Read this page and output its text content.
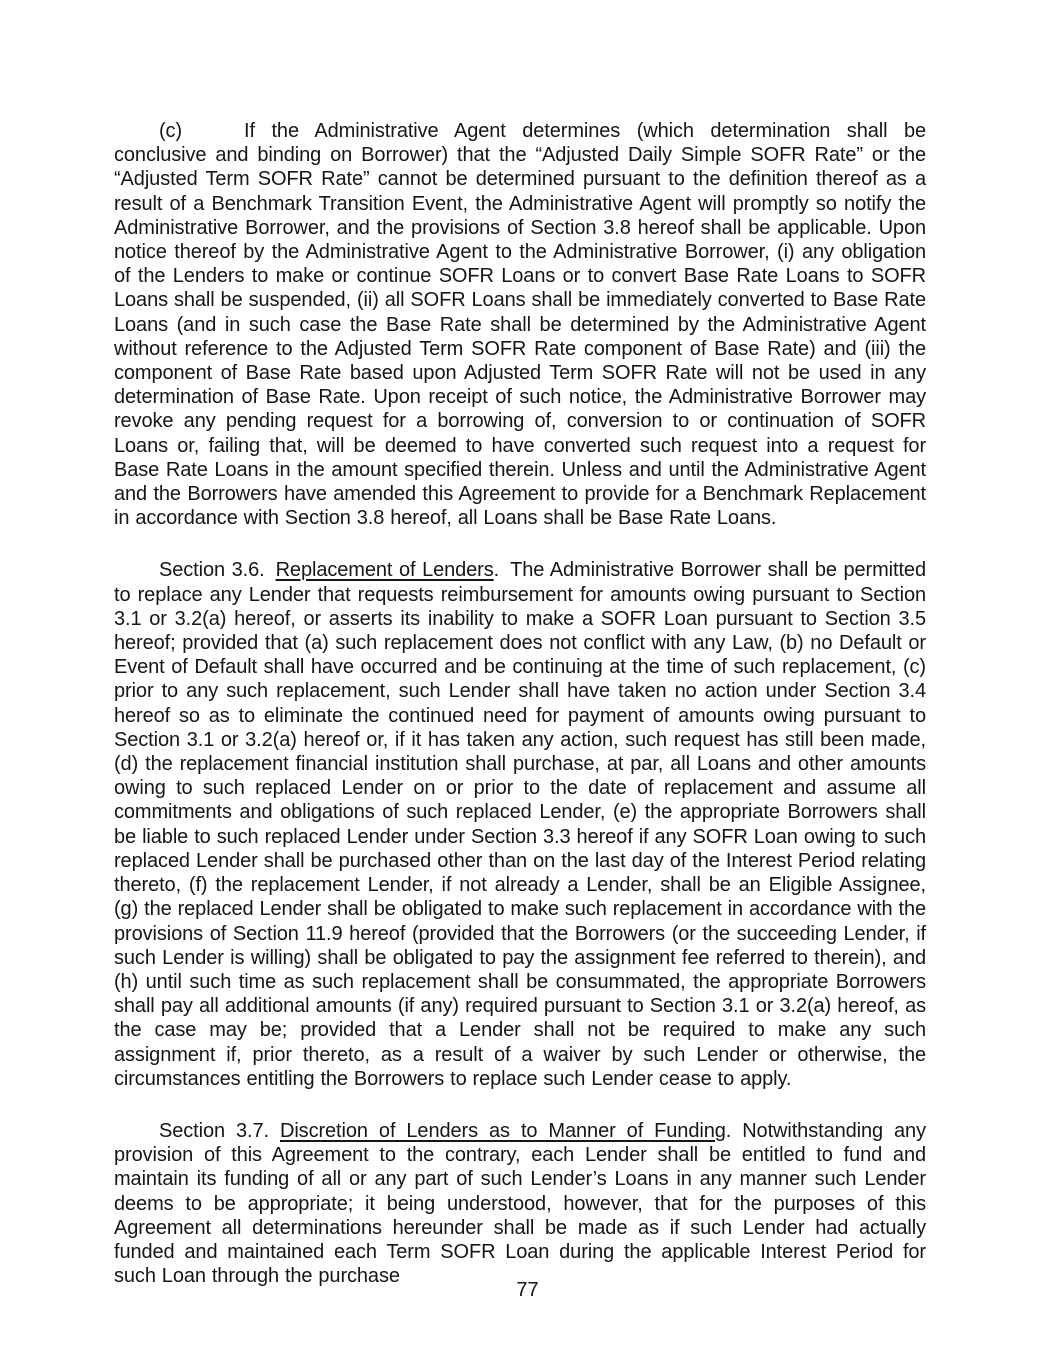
(c)	If the Administrative Agent determines (which determination shall be conclusive and binding on Borrower) that the “Adjusted Daily Simple SOFR Rate” or the “Adjusted Term SOFR Rate” cannot be determined pursuant to the definition thereof as a result of a Benchmark Transition Event, the Administrative Agent will promptly so notify the Administrative Borrower, and the provisions of Section 3.8 hereof shall be applicable. Upon notice thereof by the Administrative Agent to the Administrative Borrower, (i) any obligation of the Lenders to make or continue SOFR Loans or to convert Base Rate Loans to SOFR Loans shall be suspended, (ii) all SOFR Loans shall be immediately converted to Base Rate Loans (and in such case the Base Rate shall be determined by the Administrative Agent without reference to the Adjusted Term SOFR Rate component of Base Rate) and (iii) the component of Base Rate based upon Adjusted Term SOFR Rate will not be used in any determination of Base Rate. Upon receipt of such notice, the Administrative Borrower may revoke any pending request for a borrowing of, conversion to or continuation of SOFR Loans or, failing that, will be deemed to have converted such request into a request for Base Rate Loans in the amount specified therein. Unless and until the Administrative Agent and the Borrowers have amended this Agreement to provide for a Benchmark Replacement in accordance with Section 3.8 hereof, all Loans shall be Base Rate Loans.

Section 3.6. Replacement of Lenders. The Administrative Borrower shall be permitted to replace any Lender that requests reimbursement for amounts owing pursuant to Section 3.1 or 3.2(a) hereof, or asserts its inability to make a SOFR Loan pursuant to Section 3.5 hereof; provided that (a) such replacement does not conflict with any Law, (b) no Default or Event of Default shall have occurred and be continuing at the time of such replacement, (c) prior to any such replacement, such Lender shall have taken no action under Section 3.4 hereof so as to eliminate the continued need for payment of amounts owing pursuant to Section 3.1 or 3.2(a) hereof or, if it has taken any action, such request has still been made, (d) the replacement financial institution shall purchase, at par, all Loans and other amounts owing to such replaced Lender on or prior to the date of replacement and assume all commitments and obligations of such replaced Lender, (e) the appropriate Borrowers shall be liable to such replaced Lender under Section 3.3 hereof if any SOFR Loan owing to such replaced Lender shall be purchased other than on the last day of the Interest Period relating thereto, (f) the replacement Lender, if not already a Lender, shall be an Eligible Assignee, (g) the replaced Lender shall be obligated to make such replacement in accordance with the provisions of Section 11.9 hereof (provided that the Borrowers (or the succeeding Lender, if such Lender is willing) shall be obligated to pay the assignment fee referred to therein), and (h) until such time as such replacement shall be consummated, the appropriate Borrowers shall pay all additional amounts (if any) required pursuant to Section 3.1 or 3.2(a) hereof, as the case may be; provided that a Lender shall not be required to make any such assignment if, prior thereto, as a result of a waiver by such Lender or otherwise, the circumstances entitling the Borrowers to replace such Lender cease to apply.

Section 3.7. Discretion of Lenders as to Manner of Funding. Notwithstanding any provision of this Agreement to the contrary, each Lender shall be entitled to fund and maintain its funding of all or any part of such Lender’s Loans in any manner such Lender deems to be appropriate; it being understood, however, that for the purposes of this Agreement all determinations hereunder shall be made as if such Lender had actually funded and maintained each Term SOFR Loan during the applicable Interest Period for such Loan through the purchase

77
